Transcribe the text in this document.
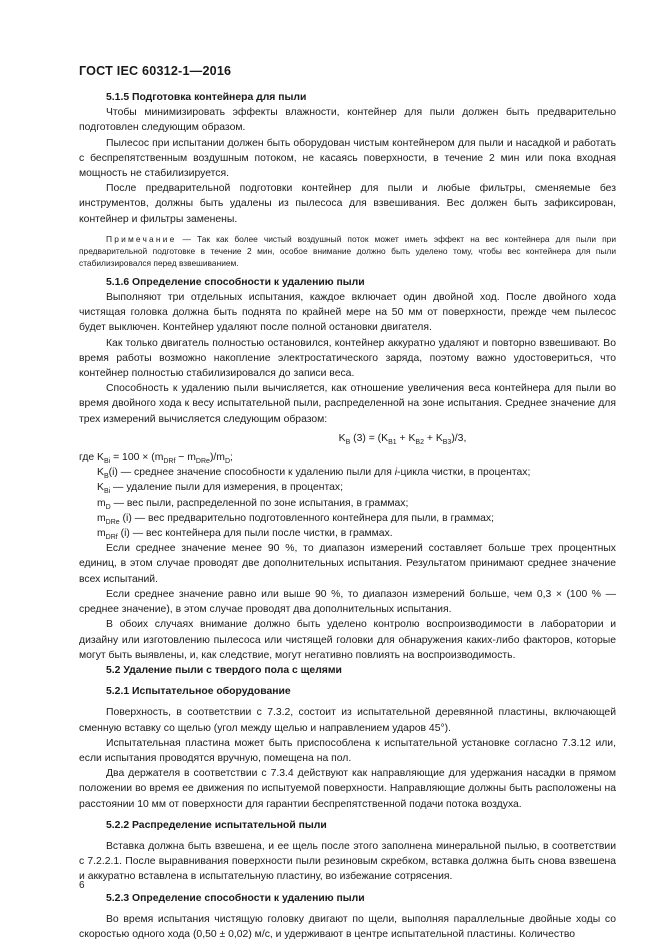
ГОСТ IEC 60312-1—2016

5.1.5 Подготовка контейнера для пыли

Чтобы минимизировать эффекты влажности, контейнер для пыли должен быть предварительно подготовлен следующим образом.

Пылесос при испытании должен быть оборудован чистым контейнером для пыли и насадкой и работать с беспрепятственным воздушным потоком, не касаясь поверхности, в течение 2 мин или пока входная мощность не стабилизируется.

После предварительной подготовки контейнер для пыли и любые фильтры, сменяемые без инструментов, должны быть удалены из пылесоса для взвешивания. Вес должен быть зафиксирован, контейнер и фильтры заменены.

Примечание — Так как более чистый воздушный поток может иметь эффект на вес контейнера для пыли при предварительной подготовке в течение 2 мин, особое внимание должно быть уделено тому, чтобы вес контейнера для пыли стабилизировался перед взвешиванием.

5.1.6 Определение способности к удалению пыли

Выполняют три отдельных испытания, каждое включает один двойной ход. После двойного хода чистящая головка должна быть поднята по крайней мере на 50 мм от поверхности, прежде чем пылесос будет выключен. Контейнер удаляют после полной остановки двигателя.

Как только двигатель полностью остановился, контейнер аккуратно удаляют и повторно взвешивают. Во время работы возможно накопление электростатического заряда, поэтому важно удостовериться, что контейнер полностью стабилизировался до записи веса.

Способность к удалению пыли вычисляется, как отношение увеличения веса контейнера для пыли во время двойного хода к весу испытательной пыли, распределенной на зоне испытания. Среднее значение для трех измерений вычисляется следующим образом:

$K_B$ $(3) = (K_{B1} + K_{B2} + K_{B3})/3$,

где $K_{Bi} = 100 \times (m_{DRf} - m_{DRe})/m_D$;

$K_B(i)$ — среднее значение способности к удалению пыли для i-цикла чистки, в процентах;

$K_{Bi}$ — удаление пыли для измерения, в процентах;

$m_D$ — вес пыли, распределенной по зоне испытания, в граммах;

$m_{DRe}$ (i) — вес предварительно подготовленного контейнера для пыли, в граммах;

$m_{DRf}$ (i) — вес контейнера для пыли после чистки, в граммах.

Если среднее значение менее 90 %, то диапазон измерений составляет больше трех процентных единиц, в этом случае проводят две дополнительных испытания. Результатом принимают среднее значение всех испытаний.

Если среднее значение равно или выше 90 %, то диапазон измерений больше, чем 0,3 × (100 % — среднее значение), в этом случае проводят два дополнительных испытания.

В обоих случаях внимание должно быть уделено контролю воспроизводимости в лаборатории и дизайну или изготовлению пылесоса или чистящей головки для обнаружения каких-либо факторов, которые могут быть выявлены, и, как следствие, могут негативно повлиять на воспроизводимость.

5.2 Удаление пыли с твердого пола с щелями

5.2.1 Испытательное оборудование

Поверхность, в соответствии с 7.3.2, состоит из испытательной деревянной пластины, включающей сменную вставку со щелью (угол между щелью и направлением ударов 45°).

Испытательная пластина может быть приспособлена к испытательной установке согласно 7.3.12 или, если испытания проводятся вручную, помещена на пол.

Два держателя в соответствии с 7.3.4 действуют как направляющие для удержания насадки в прямом положении во время ее движения по испытуемой поверхности. Направляющие должны быть расположены на расстоянии 10 мм от поверхности для гарантии беспрепятственной подачи потока воздуха.

5.2.2 Распределение испытательной пыли

Вставка должна быть взвешена, и ее щель после этого заполнена минеральной пылью, в соответствии с 7.2.2.1. После выравнивания поверхности пыли резиновым скребком, вставка должна быть снова взвешена и аккуратно вставлена в испытательную пластину, во избежание сотрясения.

5.2.3 Определение способности к удалению пыли

Во время испытания чистящую головку двигают по щели, выполняя параллельные двойные ходы со скоростью одного хода (0,50 ± 0,02) м/с, и удерживают в центре испытательной пластины. Количество

6
